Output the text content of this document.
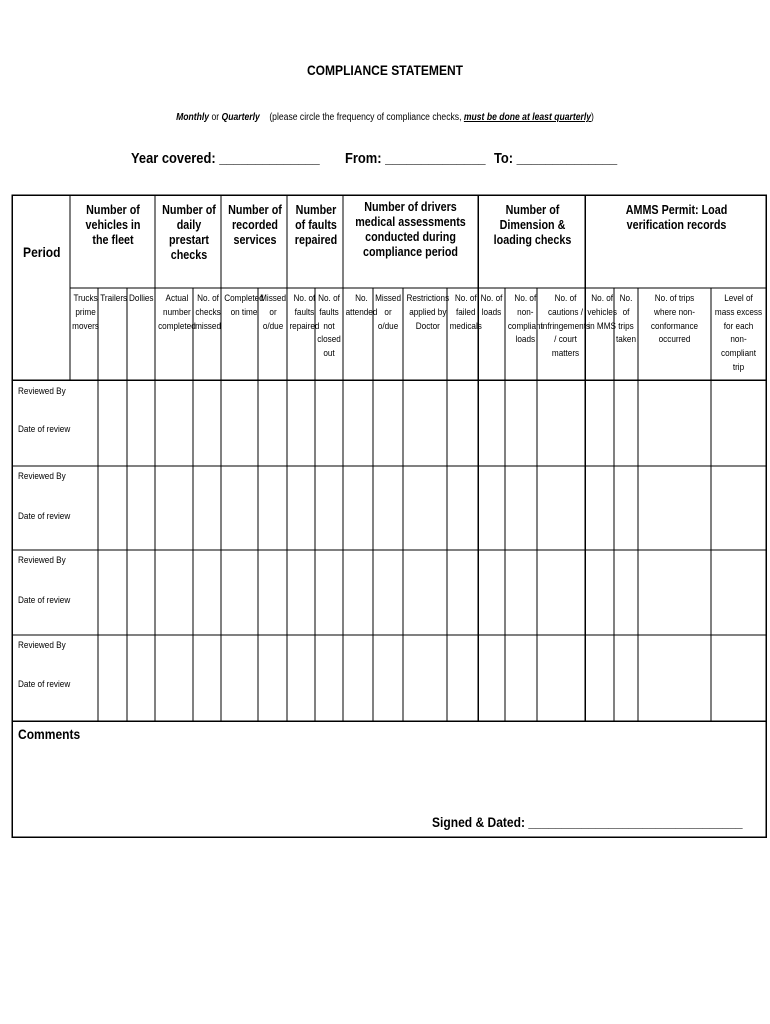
COMPLIANCE STATEMENT
Monthly or Quarterly (please circle the frequency of compliance checks, must be done at least quarterly)
Year covered: ______________ From: ______________ To: ______________
Period
Number of vehicles in the fleet
Number of daily prestart checks
Number of recorded services
Number of faults repaired
Number of drivers medical assessments conducted during compliance period
Number of Dimension & loading checks
AMMS Permit: Load verification records
Trucks prime movers
Trailers Dollies	Actual number completed
No. of checks missed
Completed on time
Missed or o/due
No. of faults repaired
No. of faults not closed out
No. attended
Missed or o/due
Restrictions applied by Doctor
No. of failed medicals
No. of loads
No. of non-compliant loads
No. of cautions / infringements / court matters
No. of vehicles in MMS
No. of trips taken
No. of trips where non-conformance occurred
Level of mass excess for each non-compliant trip
Reviewed By
Date of review
Reviewed By
Date of review
Reviewed By
Date of review
Reviewed By
Date of review
Comments
Signed & Dated: ________________________________
